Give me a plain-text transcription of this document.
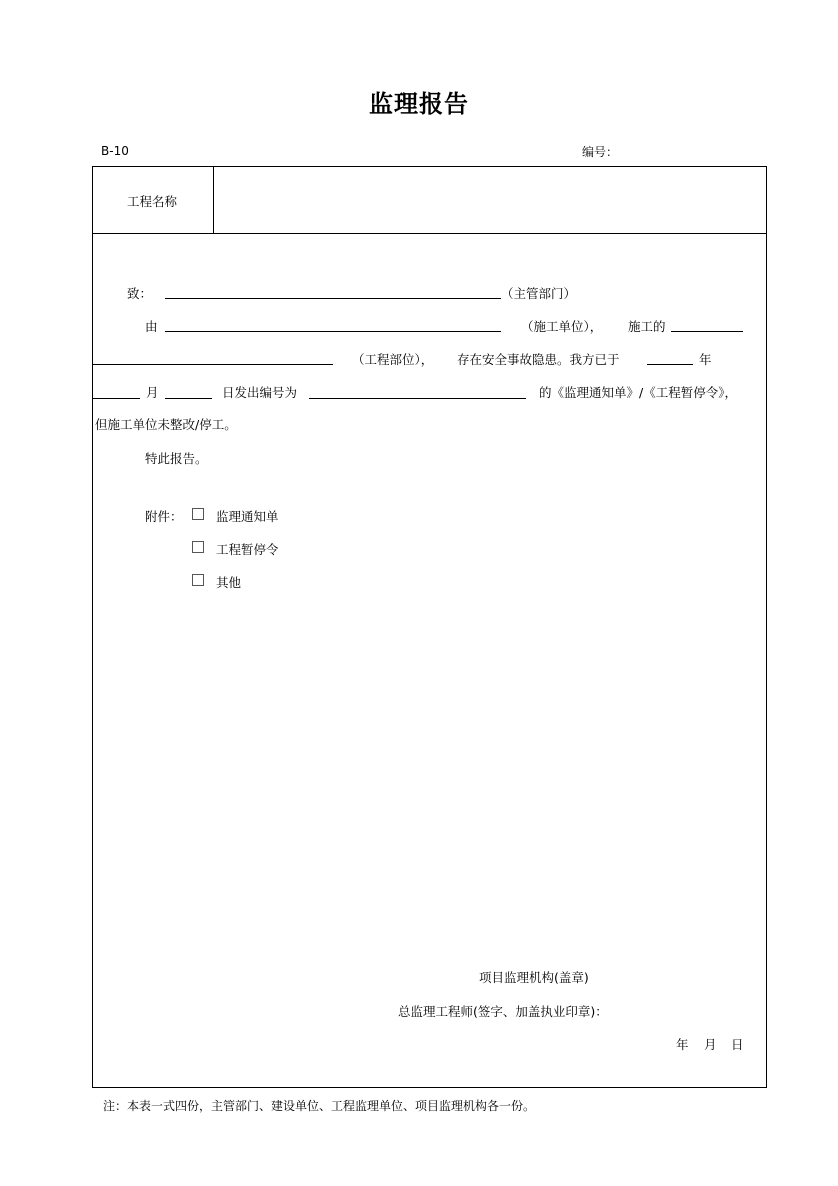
监理报告
B-10	编号：
工程名称
致：	（主管部门）
由	（施工单位）， 施工的
（工程部位）， 存在安全事故隐患。我方已于	年
月	日发出编号为	的《监理通知单》/《工程暂停令》，
但施工单位未整改/停工。
特此报告。
附件：	监理通知单
工程暂停令
其他
项目监理机构(盖章)
总监理工程师(签字、加盖执业印章)：
年 月 日
注：本表一式四份，主管部门、建设单位、工程监理单位、项目监理机构各一份。
